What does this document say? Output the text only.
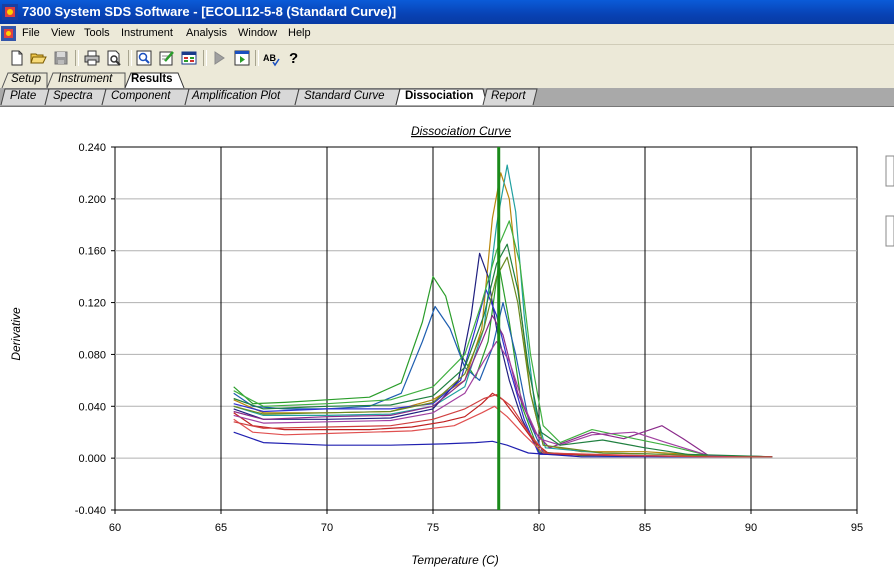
7300 System SDS Software - [ECOLI12-5-8 (Standard Curve)]
File View Tools Instrument Analysis Window Help
AB ?
Setup Instrument Results
Plate Spectra Component Amplification Plot Standard Curve Dissociation Report
-0.040
0.000
0.040
0.080
0.120
0.160
0.200
0.240
60	65	70	75	80	85	90	95
Dissociation Curve
Derivative
Temperature (C)
